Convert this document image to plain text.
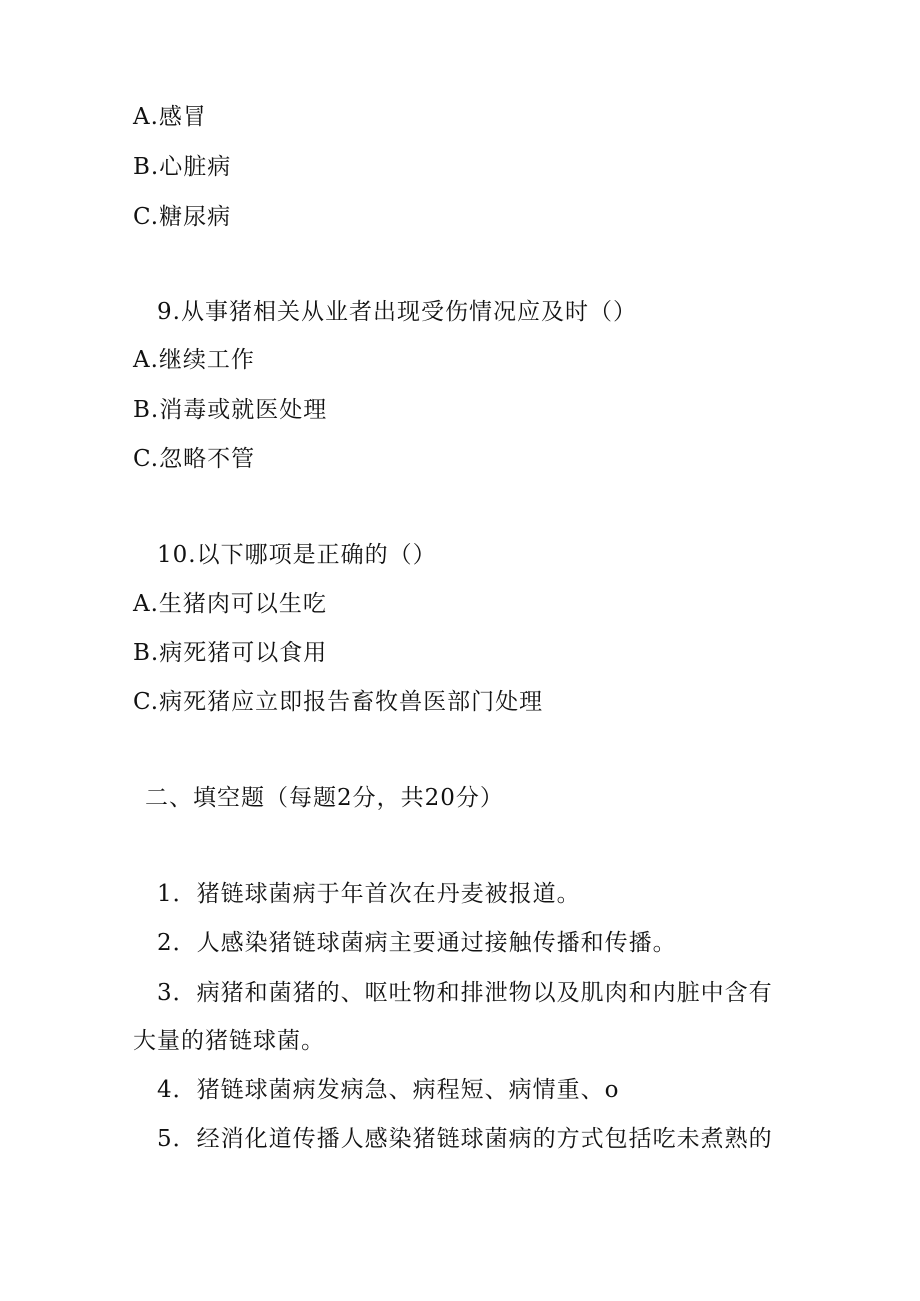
A.感冒
B.心脏病
C.糖尿病
9.从事猪相关从业者出现受伤情况应及时（）
A.继续工作
B.消毒或就医处理
C.忽略不管
10.以下哪项是正确的（）
A.生猪肉可以生吃
B.病死猪可以食用
C.病死猪应立即报告畜牧兽医部门处理
二、填空题（每题2分，共20分）
1．猪链球菌病于年首次在丹麦被报道。
2．人感染猪链球菌病主要通过接触传播和传播。
3．病猪和菌猪的、呕吐物和排泄物以及肌肉和内脏中含有
大量的猪链球菌。
4．猪链球菌病发病急、病程短、病情重、o
5．经消化道传播人感染猪链球菌病的方式包括吃未煮熟的
